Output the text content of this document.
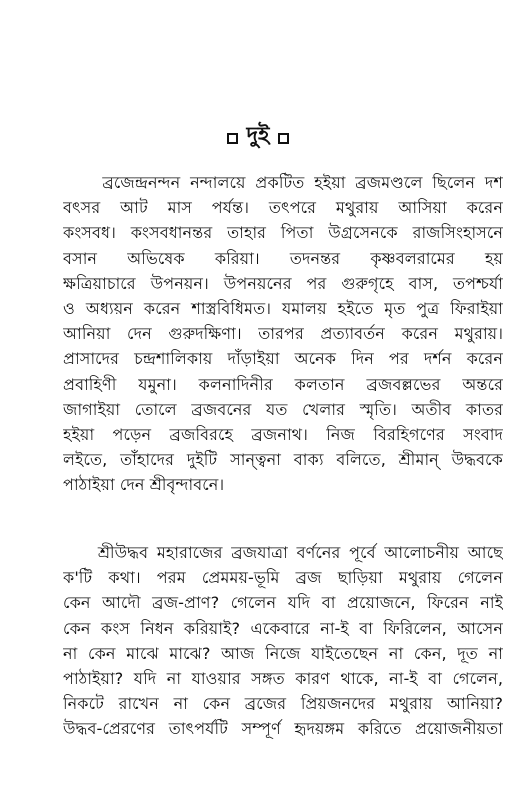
দুই
ব্রজেন্দ্রনন্দন নন্দালয়ে প্রকটিত হইয়া ব্রজমণ্ডলে ছিলেন দশ
বৎসর আট মাস পর্যন্ত। তৎপরে মথুরায় আসিয়া করেন
কংসবধ। কংসবধানন্তর তাহার পিতা উগ্রসেনকে রাজসিংহাসনে
বসান অভিষেক করিয়া। তদনন্তর কৃষ্ণবলরামের হয়
ক্ষত্রিয়াচারে উপনয়ন। উপনয়নের পর গুরুগৃহে বাস, তপশ্চর্যা
ও অধ্যয়ন করেন শাস্ত্রবিধিমত। যমালয় হইতে মৃত পুত্র ফিরাইয়া
আনিয়া দেন গুরুদক্ষিণা। তারপর প্রত্যাবর্তন করেন মথুরায়।
প্রাসাদের চন্দ্রশালিকায় দাঁড়াইয়া অনেক দিন পর দর্শন করেন
প্রবাহিণী যমুনা। কলনাদিনীর কলতান ব্রজবল্লভের অন্তরে
জাগাইয়া তোলে ব্রজবনের যত খেলার স্মৃতি। অতীব কাতর
হইয়া পড়েন ব্রজবিরহে ব্রজনাথ। নিজ বিরহিগণের সংবাদ
লইতে, তাঁহাদের দুইটি সান্ত্বনা বাক্য বলিতে, শ্রীমান্ উদ্ধবকে
পাঠাইয়া দেন শ্রীবৃন্দাবনে।
শ্রীউদ্ধব মহারাজের ব্রজযাত্রা বর্ণনের পূর্বে আলোচনীয় আছে
ক'টি কথা। পরম প্রেমময়-ভূমি ব্রজ ছাড়িয়া মথুরায় গেলেন
কেন আদৌ ব্রজ-প্রাণ? গেলেন যদি বা প্রয়োজনে, ফিরেন নাই
কেন কংস নিধন করিয়াই? একেবারে না-ই বা ফিরিলেন, আসেন
না কেন মাঝে মাঝে? আজ নিজে যাইতেছেন না কেন, দূত না
পাঠাইয়া? যদি না যাওয়ার সঙ্গত কারণ থাকে, না-ই বা গেলেন,
নিকটে রাখেন না কেন ব্রজের প্রিয়জনদের মথুরায় আনিয়া?
উদ্ধব-প্রেরণের তাৎপর্যটি সম্পূর্ণ হৃদয়ঙ্গম করিতে প্রয়োজনীয়তা
